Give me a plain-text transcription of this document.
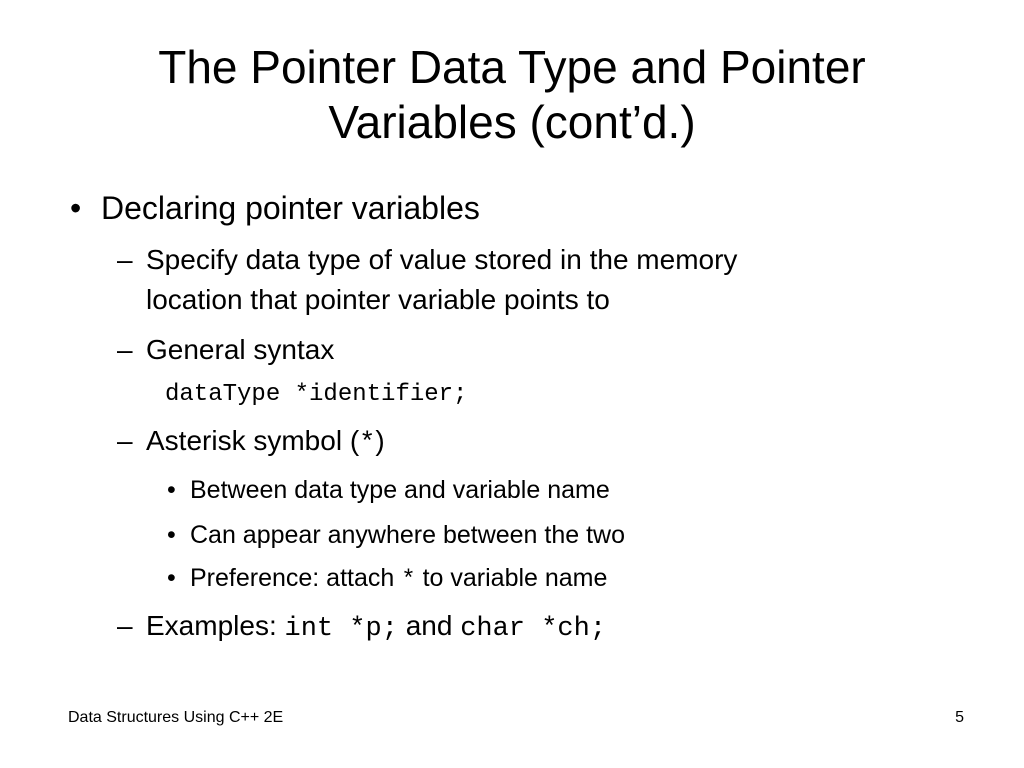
The Pointer Data Type and Pointer
Variables (cont’d.)
• Declaring pointer variables
– Specify data type of value stored in the memory
location that pointer variable points to
– General syntax
dataType *identifier;
– Asterisk symbol (*)
• Between data type and variable name
• Can appear anywhere between the two
• Preference: attach * to variable name
– Examples: int *p; and char *ch;
Data Structures Using C++ 2E	5
